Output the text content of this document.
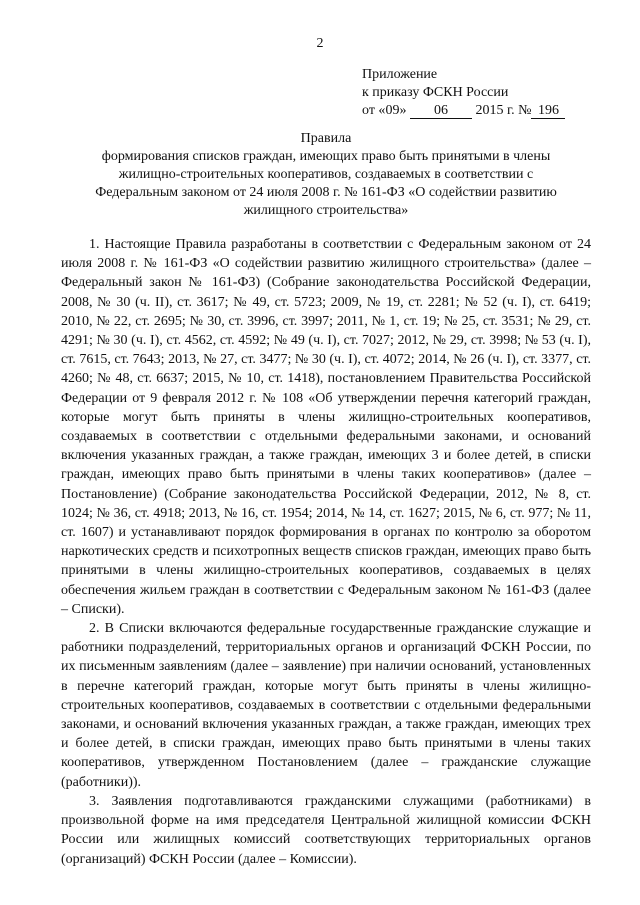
2
Приложение
к приказу ФСКН России
от «09» 06 2015 г. № 196
Правила
формирования списков граждан, имеющих право быть принятыми в члены
жилищно-строительных кооперативов, создаваемых в соответствии с
Федеральным законом от 24 июля 2008 г. № 161-ФЗ «О содействии развитию
жилищного строительства»

1. Настоящие Правила разработаны в соответствии с Федеральным законом от 24 июля 2008 г. № 161-ФЗ «О содействии развитию жилищного строительства» (далее – Федеральный закон № 161-ФЗ) (Собрание законодательства Российской Федерации, 2008, № 30 (ч. II), ст. 3617; № 49, ст. 5723; 2009, № 19, ст. 2281; № 52 (ч. I), ст. 6419; 2010, № 22, ст. 2695; № 30, ст. 3996, ст. 3997; 2011, № 1, ст. 19; № 25, ст. 3531; № 29, ст. 4291; № 30 (ч. I), ст. 4562, ст. 4592; № 49 (ч. I), ст. 7027; 2012, № 29, ст. 3998; № 53 (ч. I), ст. 7615, ст. 7643; 2013, № 27, ст. 3477; № 30 (ч. I), ст. 4072; 2014, № 26 (ч. I), ст. 3377, ст. 4260; № 48, ст. 6637; 2015, № 10, ст. 1418), постановлением Правительства Российской Федерации от 9 февраля 2012 г. № 108 «Об утверждении перечня категорий граждан, которые могут быть приняты в члены жилищно-строительных кооперативов, создаваемых в соответствии с отдельными федеральными законами, и оснований включения указанных граждан, а также граждан, имеющих 3 и более детей, в списки граждан, имеющих право быть принятыми в члены таких кооперативов» (далее – Постановление) (Собрание законодательства Российской Федерации, 2012, № 8, ст. 1024; № 36, ст. 4918; 2013, № 16, ст. 1954; 2014, № 14, ст. 1627; 2015, № 6, ст. 977; № 11, ст. 1607) и устанавливают порядок формирования в органах по контролю за оборотом наркотических средств и психотропных веществ списков граждан, имеющих право быть принятыми в члены жилищно-строительных кооперативов, создаваемых в целях обеспечения жильем граждан в соответствии с Федеральным законом № 161-ФЗ (далее – Списки).

2. В Списки включаются федеральные государственные гражданские служащие и работники подразделений, территориальных органов и организаций ФСКН России, по их письменным заявлениям (далее – заявление) при наличии оснований, установленных в перечне категорий граждан, которые могут быть приняты в члены жилищно-строительных кооперативов, создаваемых в соответствии с отдельными федеральными законами, и оснований включения указанных граждан, а также граждан, имеющих трех и более детей, в списки граждан, имеющих право быть принятыми в члены таких кооперативов, утвержденном Постановлением (далее – гражданские служащие (работники)).

3. Заявления подготавливаются гражданскими служащими (работниками) в произвольной форме на имя председателя Центральной жилищной комиссии ФСКН России или жилищных комиссий соответствующих территориальных органов (организаций) ФСКН России (далее – Комиссии).
